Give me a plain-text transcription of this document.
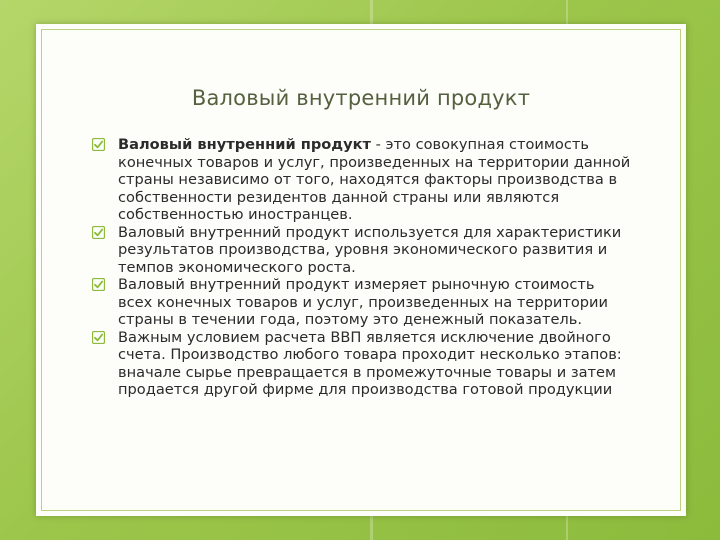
Валовый внутренний продукт
Валовый внутренний продукт - это совокупная стоимость конечных товаров и услуг, произведенных на территории данной страны независимо от того, находятся факторы производства в собственности резидентов данной страны или являются собственностью иностранцев.
Валовый внутренний продукт используется для характеристики результатов производства, уровня экономического развития и темпов экономического роста.
Валовый внутренний продукт измеряет рыночную стоимость всех конечных товаров и услуг, произведенных на территории страны в течении года, поэтому это денежный показатель.
Важным условием расчета ВВП является исключение двойного счета. Производство любого товара проходит несколько этапов: вначале сырье превращается в промежуточные товары и затем продается другой фирме для производства готовой продукции
